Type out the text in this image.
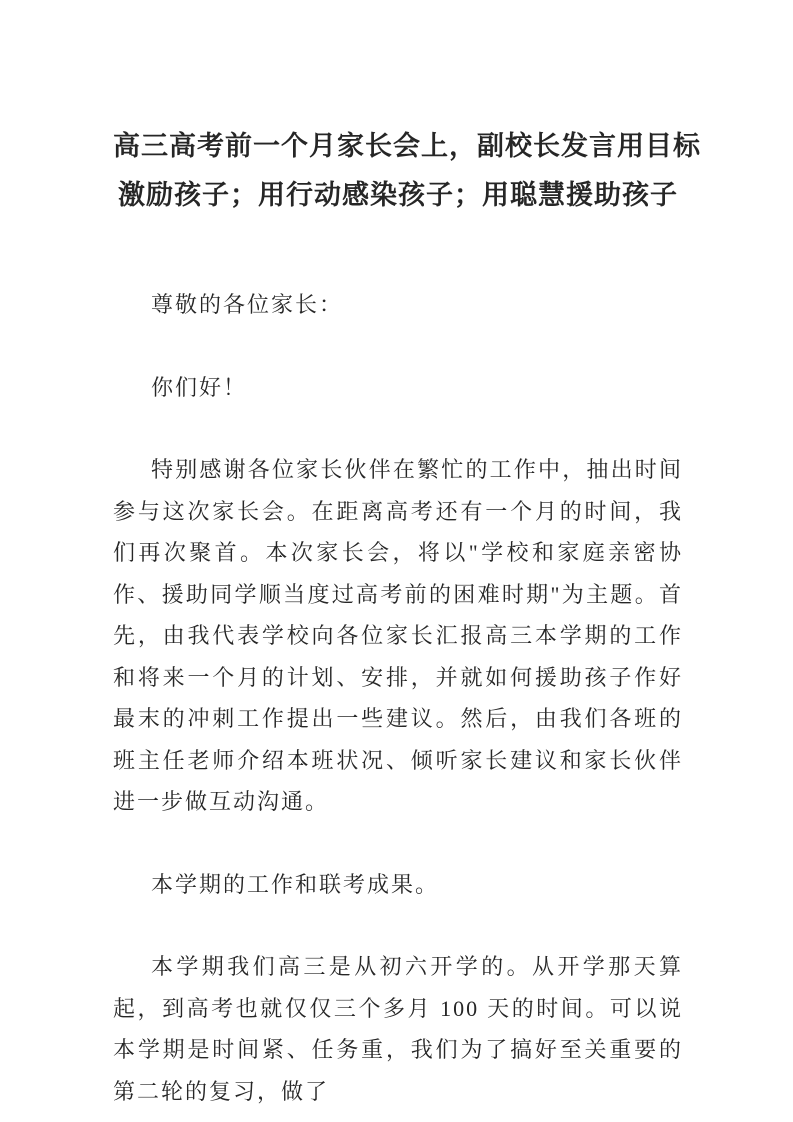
高三高考前一个月家长会上，副校长发言用目标
激励孩子；用行动感染孩子；用聪慧援助孩子

尊敬的各位家长：

你们好！

特别感谢各位家长伙伴在繁忙的工作中，抽出时间参与这次家长会。在距离高考还有一个月的时间，我们再次聚首。本次家长会，将以"学校和家庭亲密协作、援助同学顺当度过高考前的困难时期"为主题。首先，由我代表学校向各位家长汇报高三本学期的工作和将来一个月的计划、安排，并就如何援助孩子作好最末的冲刺工作提出一些建议。然后，由我们各班的班主任老师介绍本班状况、倾听家长建议和家长伙伴进一步做互动沟通。

本学期的工作和联考成果。

本学期我们高三是从初六开学的。从开学那天算起，到高考也就仅仅三个多月 100 天的时间。可以说本学期是时间紧、任务重，我们为了搞好至关重要的第二轮的复习，做了
